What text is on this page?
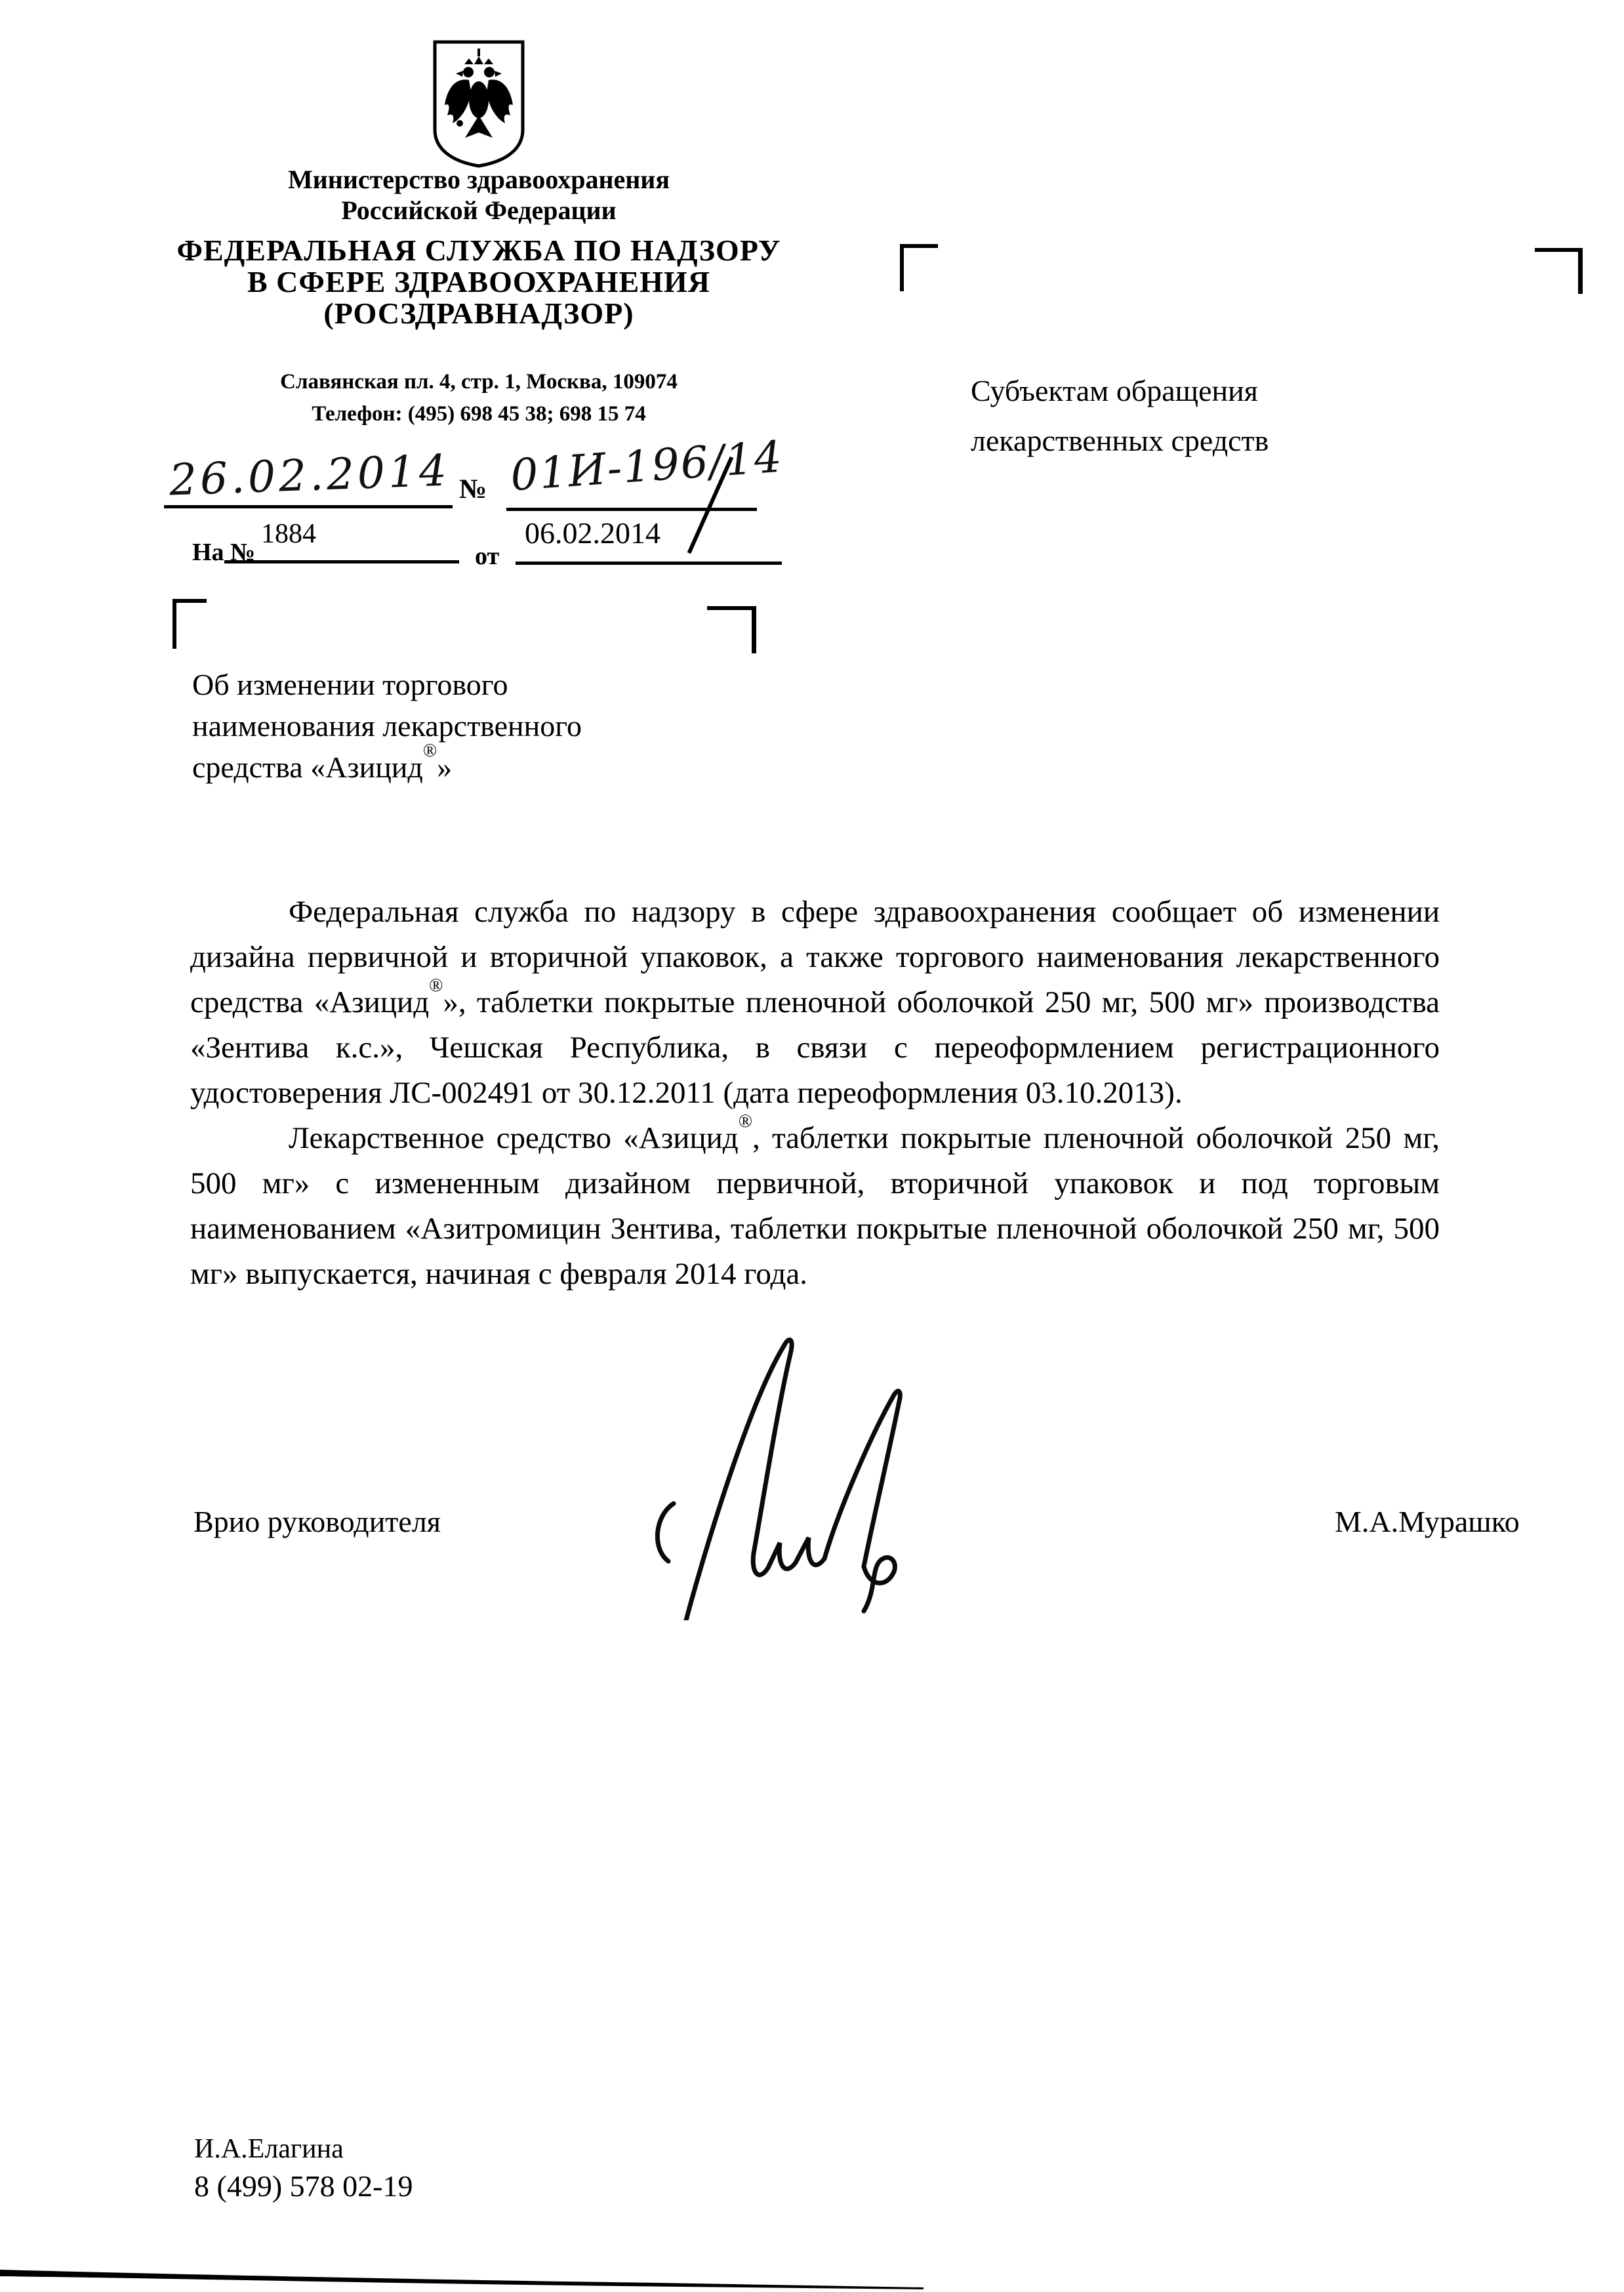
Министерство здравоохранения
Российской Федерации
ФЕДЕРАЛЬНАЯ СЛУЖБА ПО НАДЗОРУ
В СФЕРЕ ЗДРАВООХРАНЕНИЯ
(РОСЗДРАВНАДЗОР)
Славянская пл. 4, стр. 1, Москва, 109074
Телефон: (495) 698 45 38; 698 15 74
26.02.2014 № 01И-196/14
На №
1884
от
06.02.2014
Субъектам обращения
лекарственных средств
Об изменении торгового
наименования лекарственного
средства «Азицид®»

Федеральная служба по надзору в сфере здравоохранения сообщает об изменении дизайна первичной и вторичной упаковок, а также торгового наименования лекарственного средства «Азицид®», таблетки покрытые пленочной оболочкой 250 мг, 500 мг» производства «Зентива к.с.», Чешская Республика, в связи с переоформлением регистрационного удостоверения ЛС-002491 от 30.12.2011 (дата переоформления 03.10.2013).

Лекарственное средство «Азицид®, таблетки покрытые пленочной оболочкой 250 мг, 500 мг» с измененным дизайном первичной, вторичной упаковок и под торговым наименованием «Азитромицин Зентива, таблетки покрытые пленочной оболочкой 250 мг, 500 мг» выпускается, начиная с февраля 2014 года.

Врио руководителя	М.А.Мурашко
И.А.Елагина
8 (499) 578 02-19
